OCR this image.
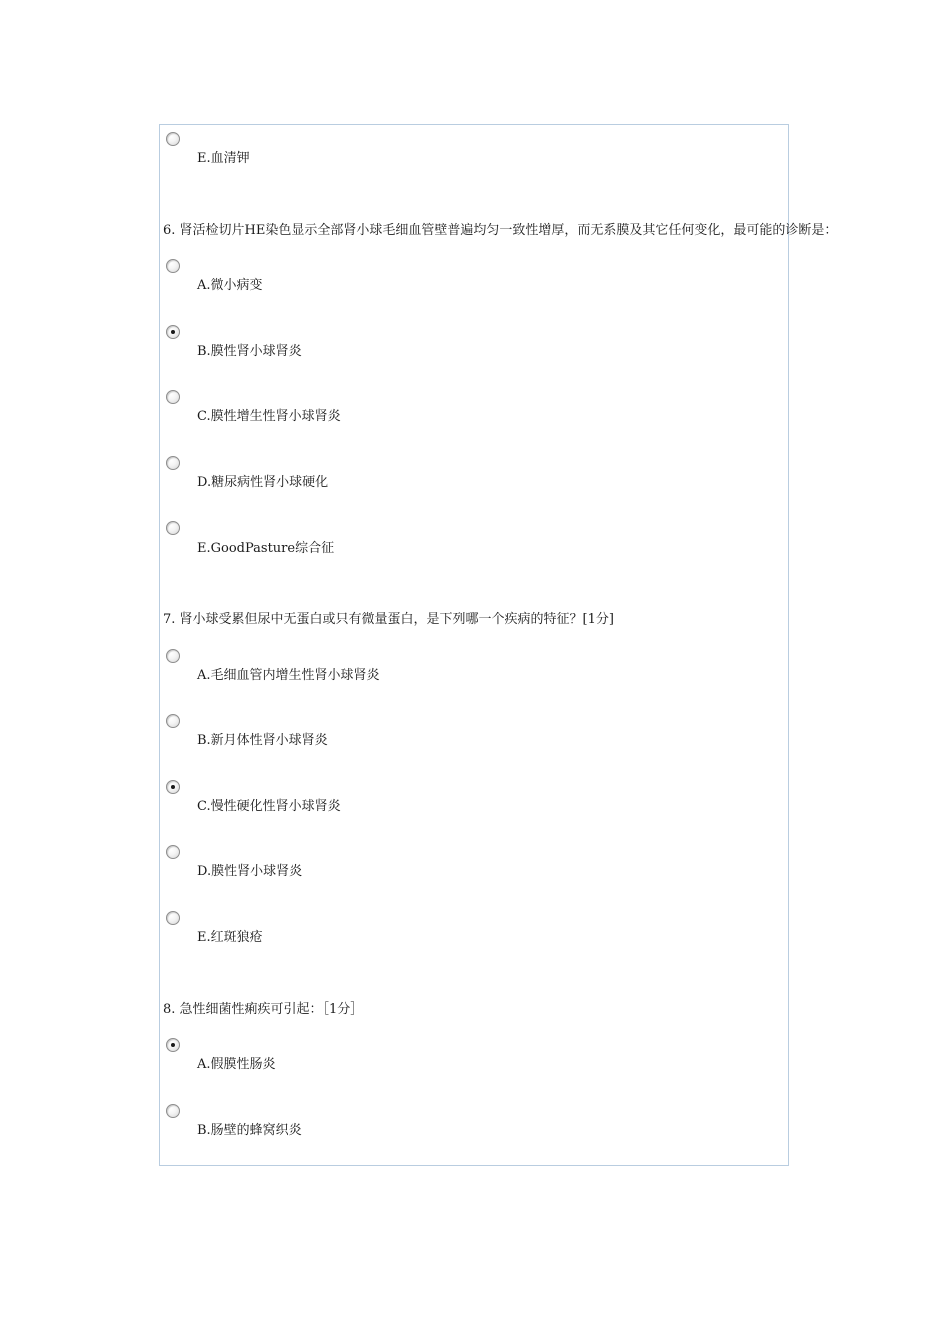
E.血清钾
6. 肾活检切片HE染色显示全部肾小球毛细血管壁普遍均匀一致性增厚，而无系膜及其它任何变化，最可能的诊断是：
A.微小病变
B.膜性肾小球肾炎
C.膜性增生性肾小球肾炎
D.糖尿病性肾小球硬化
E.GoodPasture综合征
7. 肾小球受累但尿中无蛋白或只有微量蛋白，是下列哪一个疾病的特征？[1分]
A.毛细血管内增生性肾小球肾炎
B.新月体性肾小球肾炎
C.慢性硬化性肾小球肾炎
D.膜性肾小球肾炎
E.红斑狼疮
8. 急性细菌性痢疾可引起：［1分］
A.假膜性肠炎
B.肠壁的蜂窝织炎
